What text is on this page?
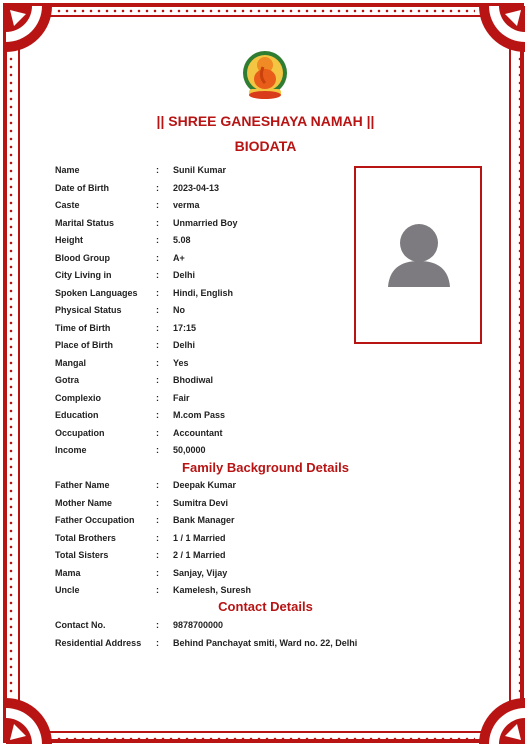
|| SHREE GANESHAYA NAMAH ||
BIODATA
Name	: Sunil Kumar
Date of Birth	: 2023-04-13
Caste	: verma
Marital Status	: Unmarried Boy
Height	: 5.08
Blood Group	: A+
City Living in	: Delhi
Spoken Languages : Hindi, English
Physical Status	: No
Time of Birth	: 17:15
Place of Birth	: Delhi
Mangal	: Yes
Gotra	: Bhodiwal
Complexio	: Fair
Education	: M.com Pass
Occupation	: Accountant
Income	: 50,0000
Family Background Details
Father Name	: Deepak Kumar
Mother Name	: Sumitra Devi
Father Occupation : Bank Manager
Total Brothers	: 1 / 1 Married
Total Sisters	: 2 / 1 Married
Mama	: Sanjay, Vijay
Uncle	: Kamelesh, Suresh
Contact Details
Contact No.	: 9878700000
Residential Address : Behind Panchayat smiti, Ward no. 22, Delhi
